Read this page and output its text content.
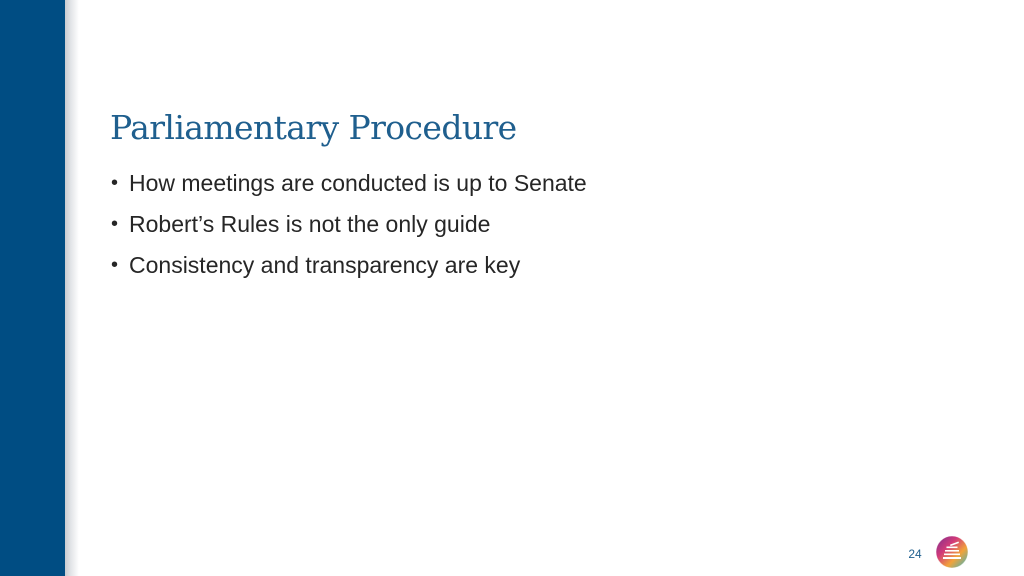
Parliamentary Procedure
• How meetings are conducted is up to Senate
• Robert’s Rules is not the only guide
• Consistency and transparency are key
24
